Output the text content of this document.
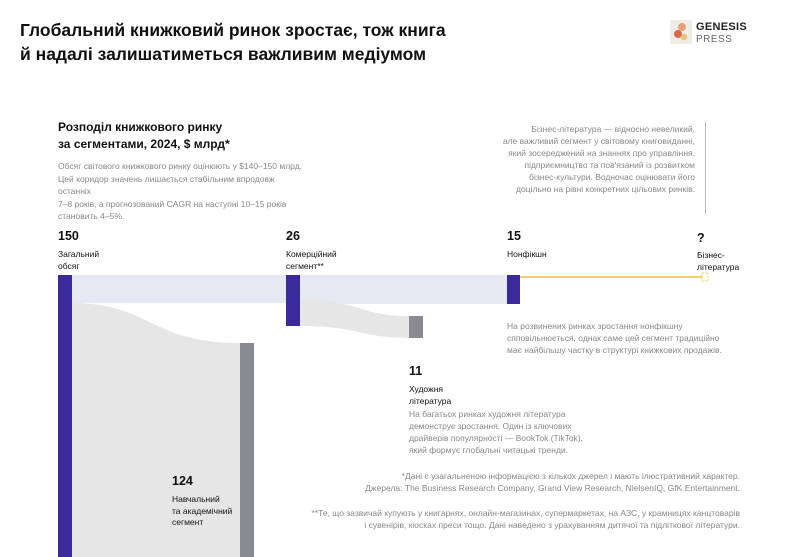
Глобальний книжковий ринок зростає, тож книга
й надалі залишатиметься важливим медіумом
GENESIS
PRESS
Розподіл книжкового ринку
за сегментами, 2024, $ млрд*
Обсяг світового книжкового ринку оцінюють у $140–150 млрд.
Цей коридор значень лишається стабільним впродовж останніх
7–8 років, а прогнозований CAGR на наступні 10–15 років
становить 4–5%.
Бізнес-література — відносно невеликий,
але важливий сегмент у світовому книговиданні,
який зосереджений на знаннях про управління,
підприємництво та пов'язаний із розвитком
бізнес-культури. Водночас оцінювати його
доцільно на рівні конкретних цільових ринків.
150
Загальний
обсяг
26
Комерційний
сегмент**
15
Нонфікшн
?
Бізнес-
література
11
Художня
література
124
Навчальний
та академічний
сегмент
На розвинених ринках зростання нонфікшну
спповільнюється, однак саме цей сегмент традиційно
має найбільшу частку в структурі книжкових продажів.
На багатьох ринках художня література
демонструє зростання. Один із ключових
драйверів популярності — BookTok (TikTok),
який формує глобальні читацькі тренди.
*Дані є узагальненою інформацією з кількох джерел і мають ілюстративний характер.
Джерела: The Business Research Company, Grand View Research, NielsenIQ, GfK Entertainment.
**Те, що зазвичай купують у книгарнях, онлайн-магазинах, супермаркетах, на АЗС, у крамницях канцтоварів
і сувенірів, кіосках преси тощо. Дані наведено з урахуванням дитячої та підліткової літератури.
